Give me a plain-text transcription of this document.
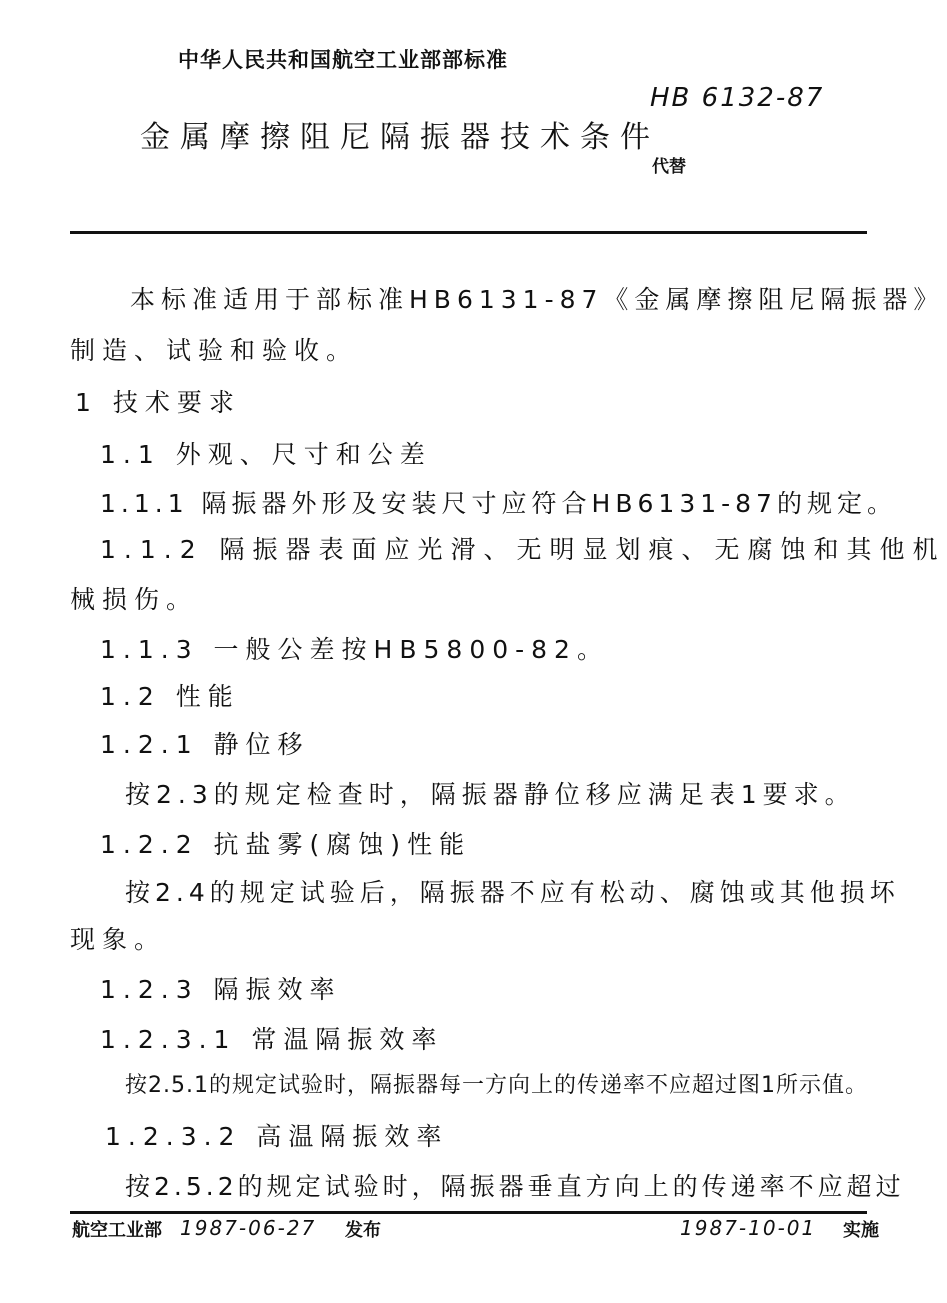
中华人民共和国航空工业部部标准
HB 6132-87
金属摩擦阻尼隔振器技术条件
代替
本标准适用于部标准HB6131-87《金属摩擦阻尼隔振器》
制造、试验和验收。
1 技术要求
1.1 外观、尺寸和公差
1.1.1 隔振器外形及安装尺寸应符合HB6131-87的规定。
1.1.2 隔振器表面应光滑、无明显划痕、无腐蚀和其他机
械损伤。
1.1.3 一般公差按HB5800-82。
1.2 性能
1.2.1 静位移
按2.3的规定检查时，隔振器静位移应满足表1要求。
1.2.2 抗盐雾(腐蚀)性能
按2.4的规定试验后，隔振器不应有松动、腐蚀或其他损坏
现象。
1.2.3 隔振效率
1.2.3.1 常温隔振效率
按2.5.1的规定试验时，隔振器每一方向上的传递率不应超过图1所示值。
1.2.3.2 高温隔振效率
按2.5.2的规定试验时，隔振器垂直方向上的传递率不应超过
航空工业部 1987-06-27 发布	1987-10-01 实施
